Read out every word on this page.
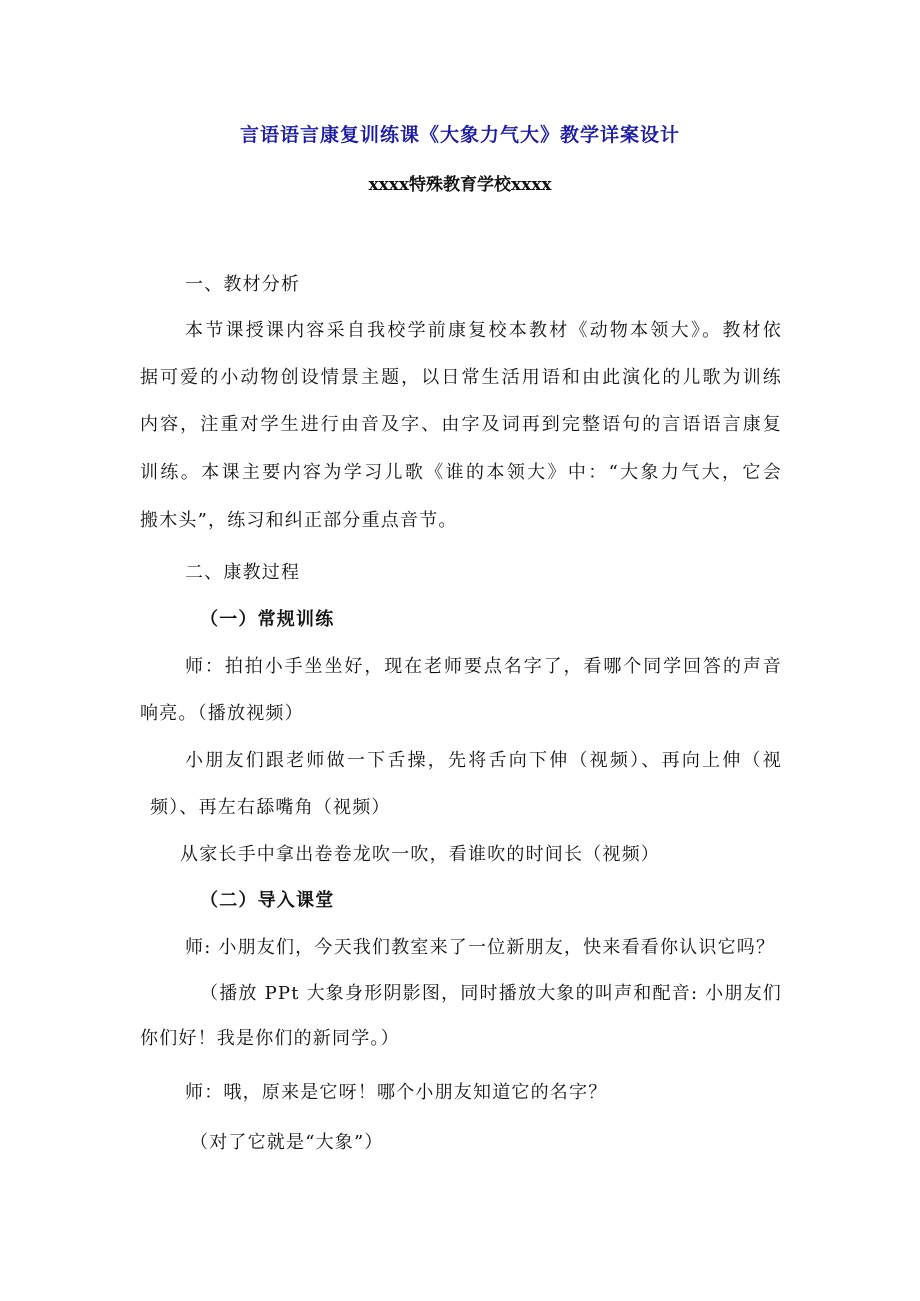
言语语言康复训练课《大象力气大》教学详案设计
xxxx特殊教育学校xxxx
一、教材分析
本节课授课内容采自我校学前康复校本教材《动物本领大》。教材依
据可爱的小动物创设情景主题，以日常生活用语和由此演化的儿歌为训练
内容，注重对学生进行由音及字、由字及词再到完整语句的言语语言康复
训练。本课主要内容为学习儿歌《谁的本领大》中：“大象力气大，它会
搬木头”，练习和纠正部分重点音节。
二、康教过程
（一）常规训练
师：拍拍小手坐坐好，现在老师要点名字了，看哪个同学回答的声音
响亮。（播放视频）
小朋友们跟老师做一下舌操，先将舌向下伸（视频）、再向上伸（视
频）、再左右舔嘴角（视频）
从家长手中拿出卷卷龙吹一吹，看谁吹的时间长（视频）
（二）导入课堂
师: 小朋友们，今天我们教室来了一位新朋友，快来看看你认识它吗？
（播放 PPt 大象身形阴影图，同时播放大象的叫声和配音: 小朋友们
你们好！我是你们的新同学。）
师：哦，原来是它呀！哪个小朋友知道它的名字？
（对了它就是“大象”）
